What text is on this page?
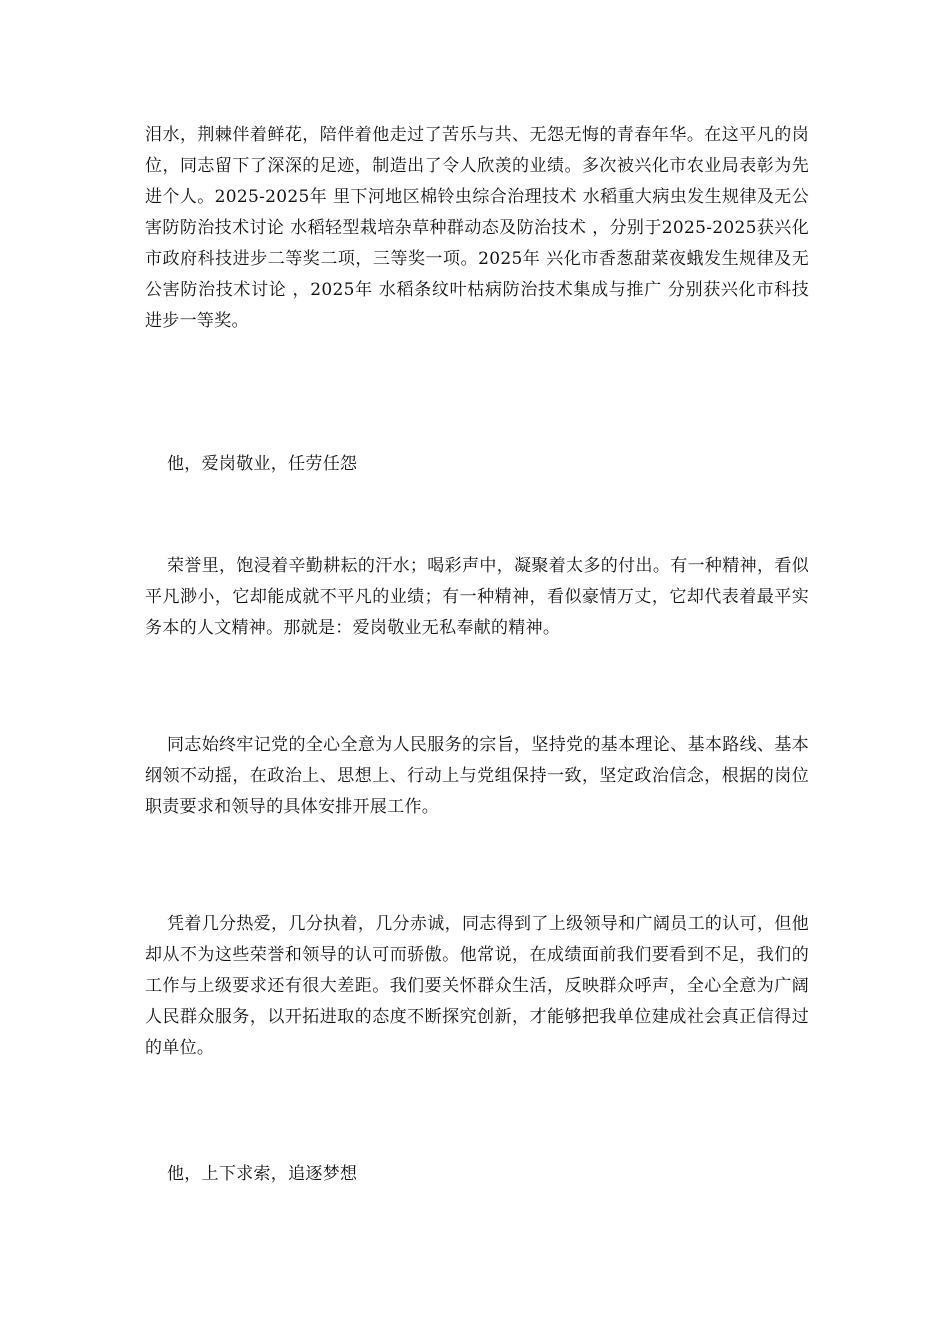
泪水，荆棘伴着鲜花，陪伴着他走过了苦乐与共、无怨无悔的青春年华。在这平凡的岗位，同志留下了深深的足迹，制造出了令人欣羡的业绩。多次被兴化市农业局表彰为先进个人。2025-2025年 里下河地区棉铃虫综合治理技术 水稻重大病虫发生规律及无公害防防治技术讨论 水稻轻型栽培杂草种群动态及防治技术 ，分别于2025-2025获兴化市政府科技进步二等奖二项，三等奖一项。2025年 兴化市香葱甜菜夜蛾发生规律及无公害防治技术讨论 ，2025年 水稻条纹叶枯病防治技术集成与推广 分别获兴化市科技进步一等奖。

他，爱岗敬业，任劳任怨

荣誉里，饱浸着辛勤耕耘的汗水；喝彩声中，凝聚着太多的付出。有一种精神，看似平凡渺小，它却能成就不平凡的业绩；有一种精神，看似豪情万丈，它却代表着最平实务本的人文精神。那就是：爱岗敬业无私奉献的精神。

同志始终牢记党的全心全意为人民服务的宗旨，坚持党的基本理论、基本路线、基本纲领不动摇，在政治上、思想上、行动上与党组保持一致，坚定政治信念，根据的岗位职责要求和领导的具体安排开展工作。

凭着几分热爱，几分执着，几分赤诚，同志得到了上级领导和广阔员工的认可，但他却从不为这些荣誉和领导的认可而骄傲。他常说，在成绩面前我们要看到不足，我们的工作与上级要求还有很大差距。我们要关怀群众生活，反映群众呼声，全心全意为广阔人民群众服务，以开拓进取的态度不断探究创新，才能够把我单位建成社会真正信得过的单位。

他，上下求索，追逐梦想
